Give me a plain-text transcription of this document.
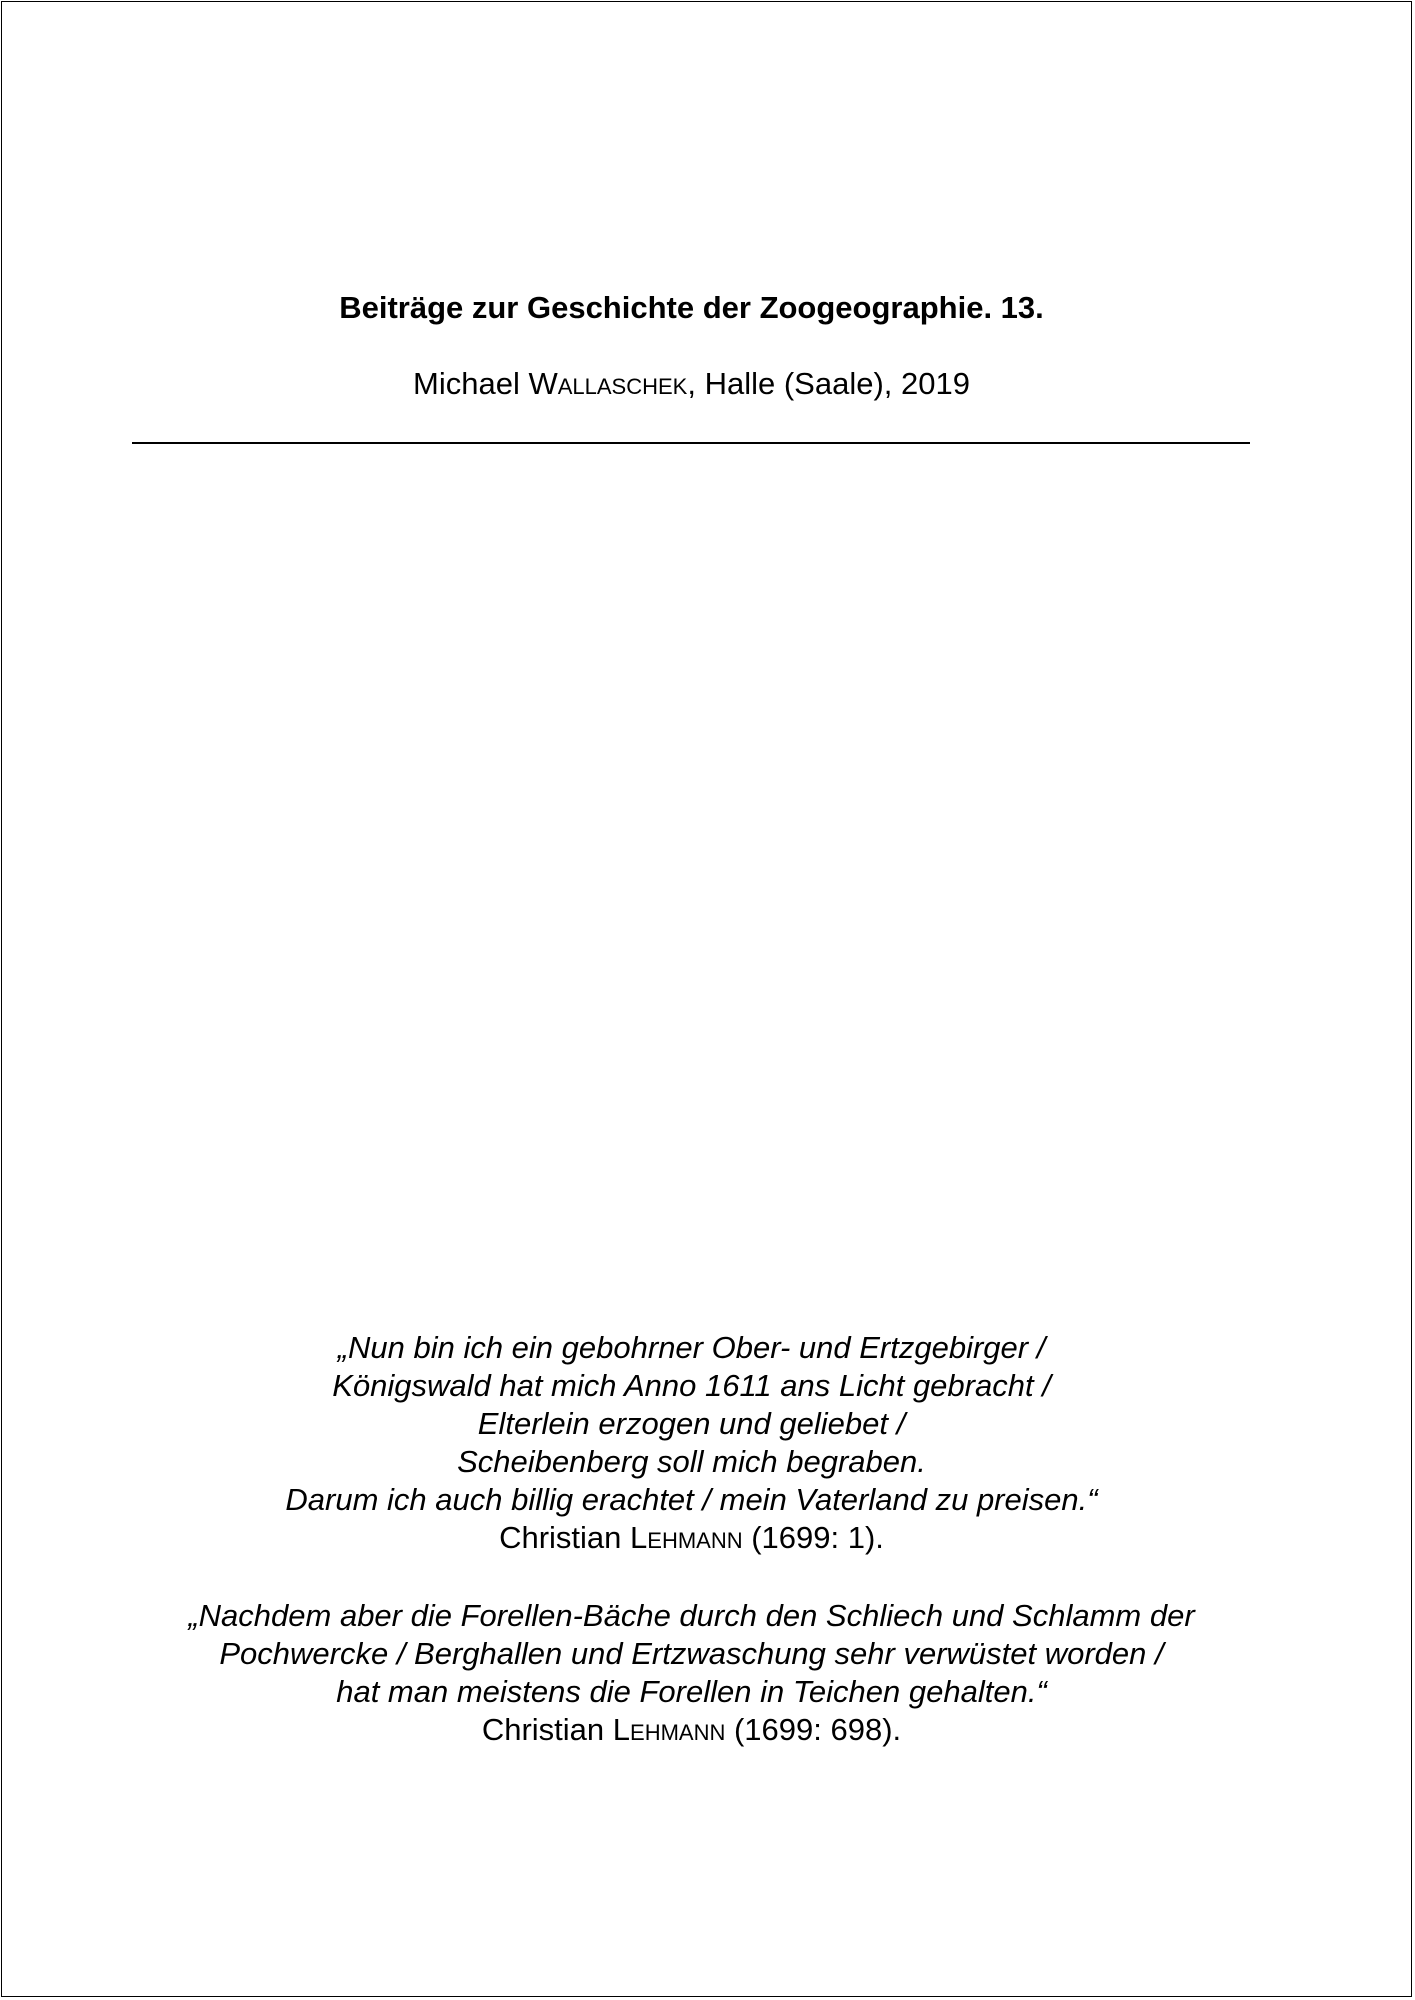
Beiträge zur Geschichte der Zoogeographie. 13.
Michael Wallaschek, Halle (Saale), 2019
„Nun bin ich ein gebohrner Ober- und Ertzgebirger /
Königswald hat mich Anno 1611 ans Licht gebracht /
Elterlein erzogen und geliebet /
Scheibenberg soll mich begraben.
Darum ich auch billig erachtet / mein Vaterland zu preisen.“
Christian Lehmann (1699: 1).
„Nachdem aber die Forellen-Bäche durch den Schliech und Schlamm der
Pochwercke / Berghallen und Ertzwaschung sehr verwüstet worden /
hat man meistens die Forellen in Teichen gehalten.“
Christian Lehmann (1699: 698).
